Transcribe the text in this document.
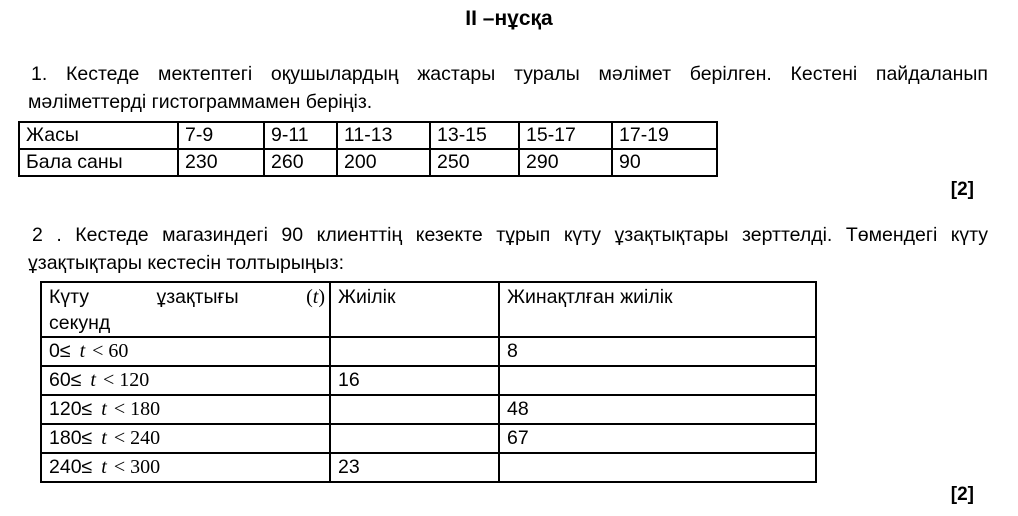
II –нұсқа
1. Кестеде мектептегі оқушылардың жастары туралы мәлімет берілген. Кестені пайдаланып мәліметтерді гистограммамен беріңіз.
Жасы	7-9	9-11	11-13	13-15	15-17	17-19
Бала саны	230	260	200	250	290	90
[2]
2 . Кестеде магазиндегі 90 клиенттің кезекте тұрып күту ұзақтықтары зерттелді. Төмендегі күту ұзақтықтары кестесін толтырыңыз:
Күту ұзақтығы (t)
секунд	Жиілік	Жинақтлған жиілік
0≤ t < 60		8
60≤ t < 120	16	
120≤ t < 180		48
180≤ t < 240		67
240≤ t < 300	23	
[2]
